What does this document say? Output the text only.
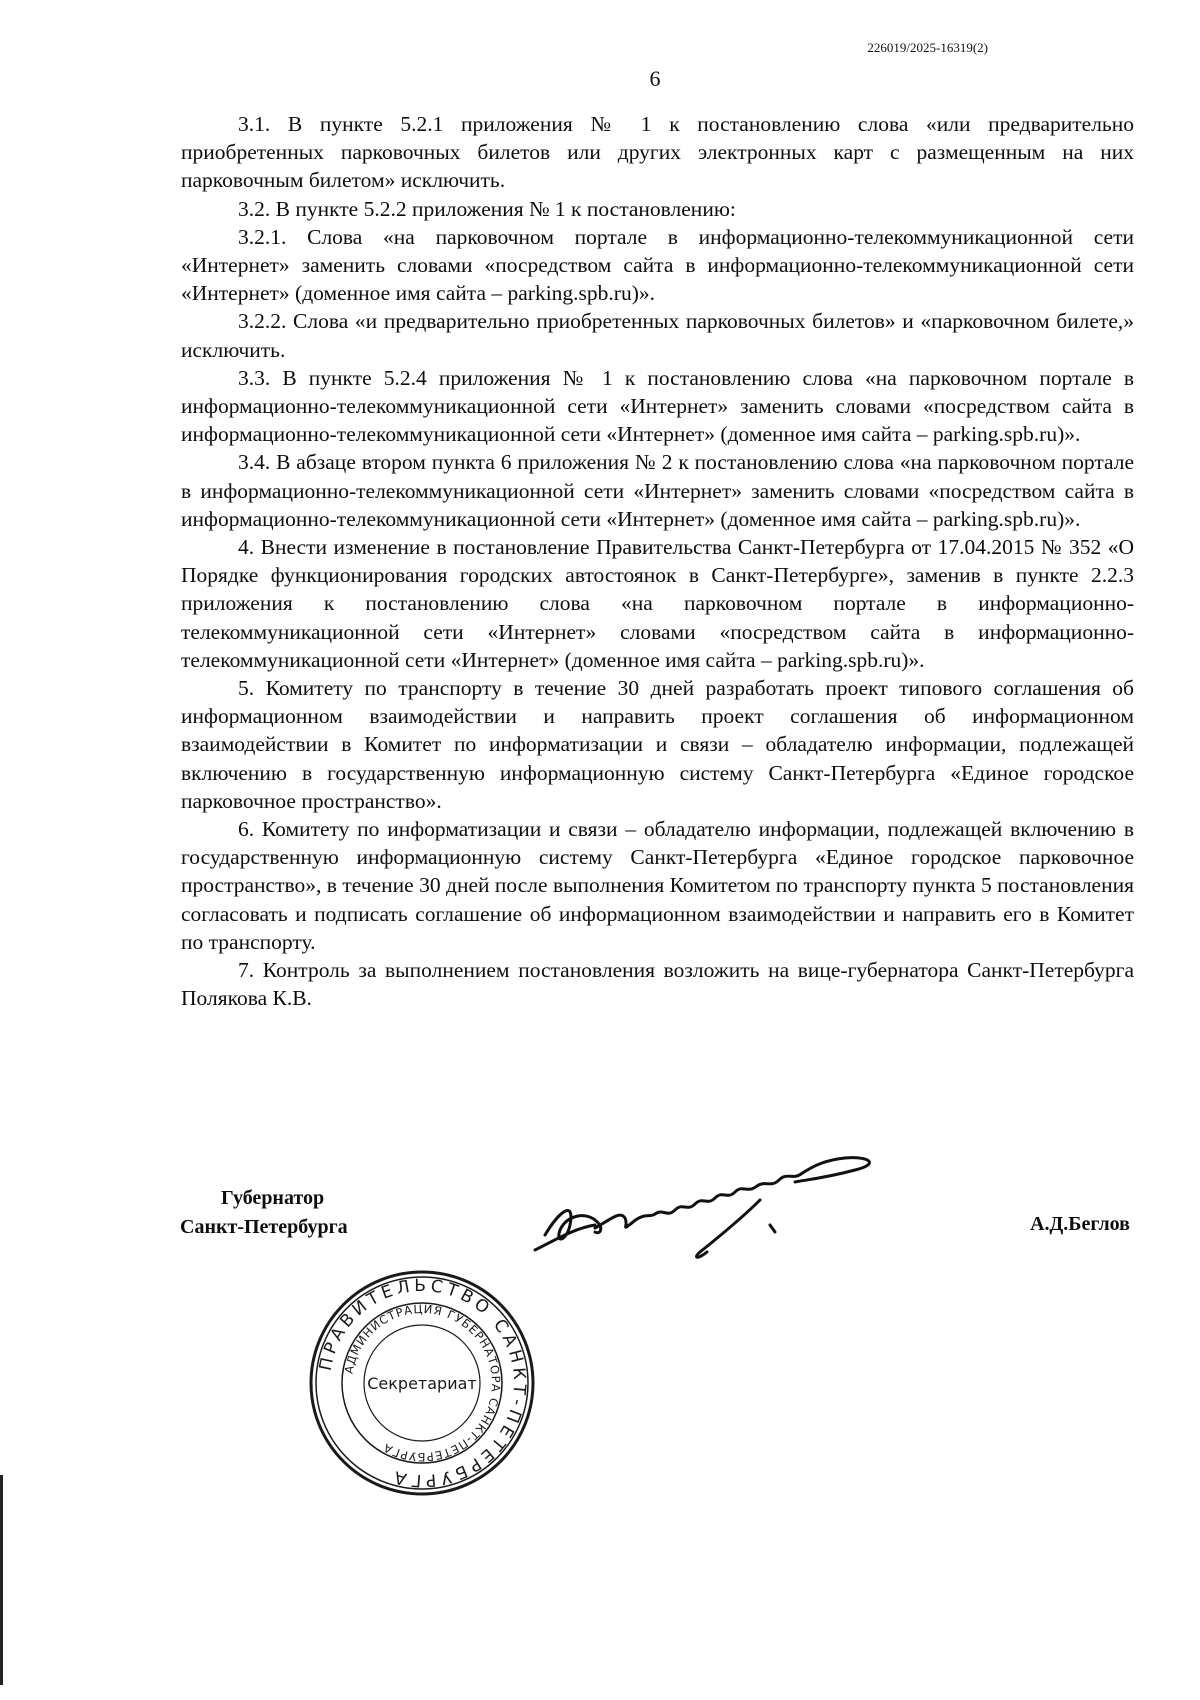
226019/2025-16319(2)
6

3.1. В пункте 5.2.1 приложения № 1 к постановлению слова «или предварительно приобретенных парковочных билетов или других электронных карт с размещенным на них парковочным билетом» исключить.

3.2. В пункте 5.2.2 приложения № 1 к постановлению:

3.2.1. Слова «на парковочном портале в информационно-телекоммуникационной сети «Интернет» заменить словами «посредством сайта в информационно-телекоммуникационной сети «Интернет» (доменное имя сайта – parking.spb.ru)».

3.2.2. Слова «и предварительно приобретенных парковочных билетов» и «парковочном билете,» исключить.

3.3. В пункте 5.2.4 приложения № 1 к постановлению слова «на парковочном портале в информационно-телекоммуникационной сети «Интернет» заменить словами «посредством сайта в информационно-телекоммуникационной сети «Интернет» (доменное имя сайта – parking.spb.ru)».

3.4. В абзаце втором пункта 6 приложения № 2 к постановлению слова «на парковочном портале в информационно-телекоммуникационной сети «Интернет» заменить словами «посредством сайта в информационно-телекоммуникационной сети «Интернет» (доменное имя сайта – parking.spb.ru)».

4. Внести изменение в постановление Правительства Санкт-Петербурга от 17.04.2015 № 352 «О Порядке функционирования городских автостоянок в Санкт-Петербурге», заменив в пункте 2.2.3 приложения к постановлению слова «на парковочном портале в информационно-телекоммуникационной сети «Интернет» словами «посредством сайта в информационно-телекоммуникационной сети «Интернет» (доменное имя сайта – parking.spb.ru)».

5. Комитету по транспорту в течение 30 дней разработать проект типового соглашения об информационном взаимодействии и направить проект соглашения об информационном взаимодействии в Комитет по информатизации и связи – обладателю информации, подлежащей включению в государственную информационную систему Санкт-Петербурга «Единое городское парковочное пространство».

6. Комитету по информатизации и связи – обладателю информации, подлежащей включению в государственную информационную систему Санкт-Петербурга «Единое городское парковочное пространство», в течение 30 дней после выполнения Комитетом по транспорту пункта 5 постановления согласовать и подписать соглашение об информационном взаимодействии и направить его в Комитет по транспорту.

7. Контроль за выполнением постановления возложить на вице-губернатора Санкт-Петербурга Полякова К.В.

Губернатор
Санкт-Петербурга	А.Д.Беглов
ПРАВИТЕЛЬСТВО САНКТ-ПЕТЕРБУРГА
АДМИНИСТРАЦИЯ ГУБЕРНАТОРА САНКТ-ПЕТЕРБУРГА
Секретариат
